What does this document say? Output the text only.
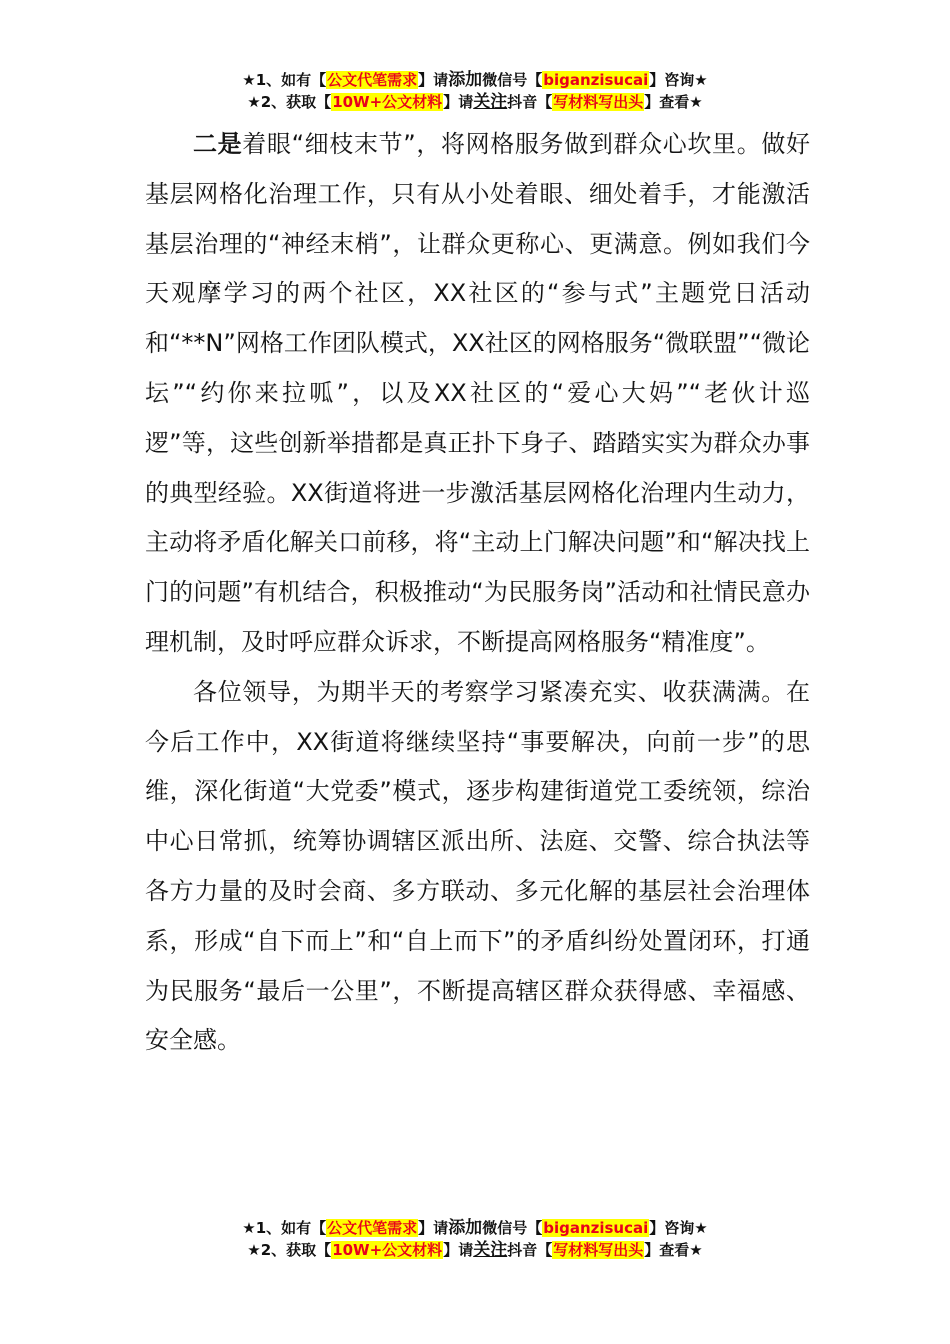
★1、如有【公文代笔需求】请添加微信号【biganzisucai】咨询★
★2、获取【10W+公文材料】请关注抖音【写材料写出头】查看★

二是着眼“细枝末节”，将网格服务做到群众心坎里。做好基层网格化治理工作，只有从小处着眼、细处着手，才能激活基层治理的“神经末梢”，让群众更称心、更满意。例如我们今天观摩学习的两个社区，XX社区的“参与式”主题党日活动和“**N”网格工作团队模式，XX社区的网格服务“微联盟”“微论坛”“约你来拉呱”，以及XX社区的“爱心大妈”“老伙计巡逻”等，这些创新举措都是真正扑下身子、踏踏实实为群众办事的典型经验。XX街道将进一步激活基层网格化治理内生动力，主动将矛盾化解关口前移，将“主动上门解决问题”和“解决找上门的问题”有机结合，积极推动“为民服务岗”活动和社情民意办理机制，及时呼应群众诉求，不断提高网格服务“精准度”。

各位领导，为期半天的考察学习紧凑充实、收获满满。在今后工作中，XX街道将继续坚持“事要解决，向前一步”的思维，深化街道“大党委”模式，逐步构建街道党工委统领，综治中心日常抓，统筹协调辖区派出所、法庭、交警、综合执法等各方力量的及时会商、多方联动、多元化解的基层社会治理体系，形成“自下而上”和“自上而下”的矛盾纠纷处置闭环，打通为民服务“最后一公里”，不断提高辖区群众获得感、幸福感、安全感。

★1、如有【公文代笔需求】请添加微信号【biganzisucai】咨询★
★2、获取【10W+公文材料】请关注抖音【写材料写出头】查看★
